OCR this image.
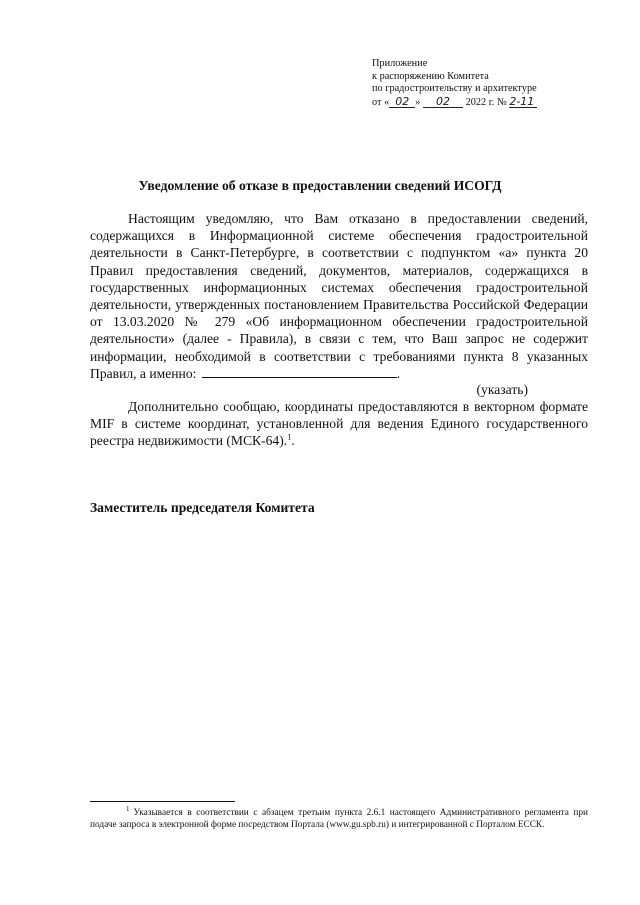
Приложение
к распоряжению Комитета
по градостроительству и архитектуре
от « 02 » 02 2022 г. № 2-11
Уведомление об отказе в предоставлении сведений ИСОГД

Настоящим уведомляю, что Вам отказано в предоставлении сведений, содержащихся в Информационной системе обеспечения градостроительной деятельности в Санкт-Петербурге, в соответствии с подпунктом «а» пункта 20 Правил предоставления сведений, документов, материалов, содержащихся в государственных информационных системах обеспечения градостроительной деятельности, утвержденных постановлением Правительства Российской Федерации от 13.03.2020 № 279 «Об информационном обеспечении градостроительной деятельности» (далее - Правила), в связи с тем, что Ваш запрос не содержит информации, необходимой в соответствии с требованиями пункта 8 указанных Правил, а именно:	.

(указать)

Дополнительно сообщаю, координаты предоставляются в векторном формате MIF в системе координат, установленной для ведения Единого государственного реестра недвижимости (МСК-64).$^1$.

Заместитель председателя Комитета

$^1$ Указывается в соответствии с абзацем третьим пункта 2.6.1 настоящего Административного регламента при подаче запроса в электронной форме посредством Портала (www.gu.spb.ru) и интегрированной с Порталом ЕССК.
